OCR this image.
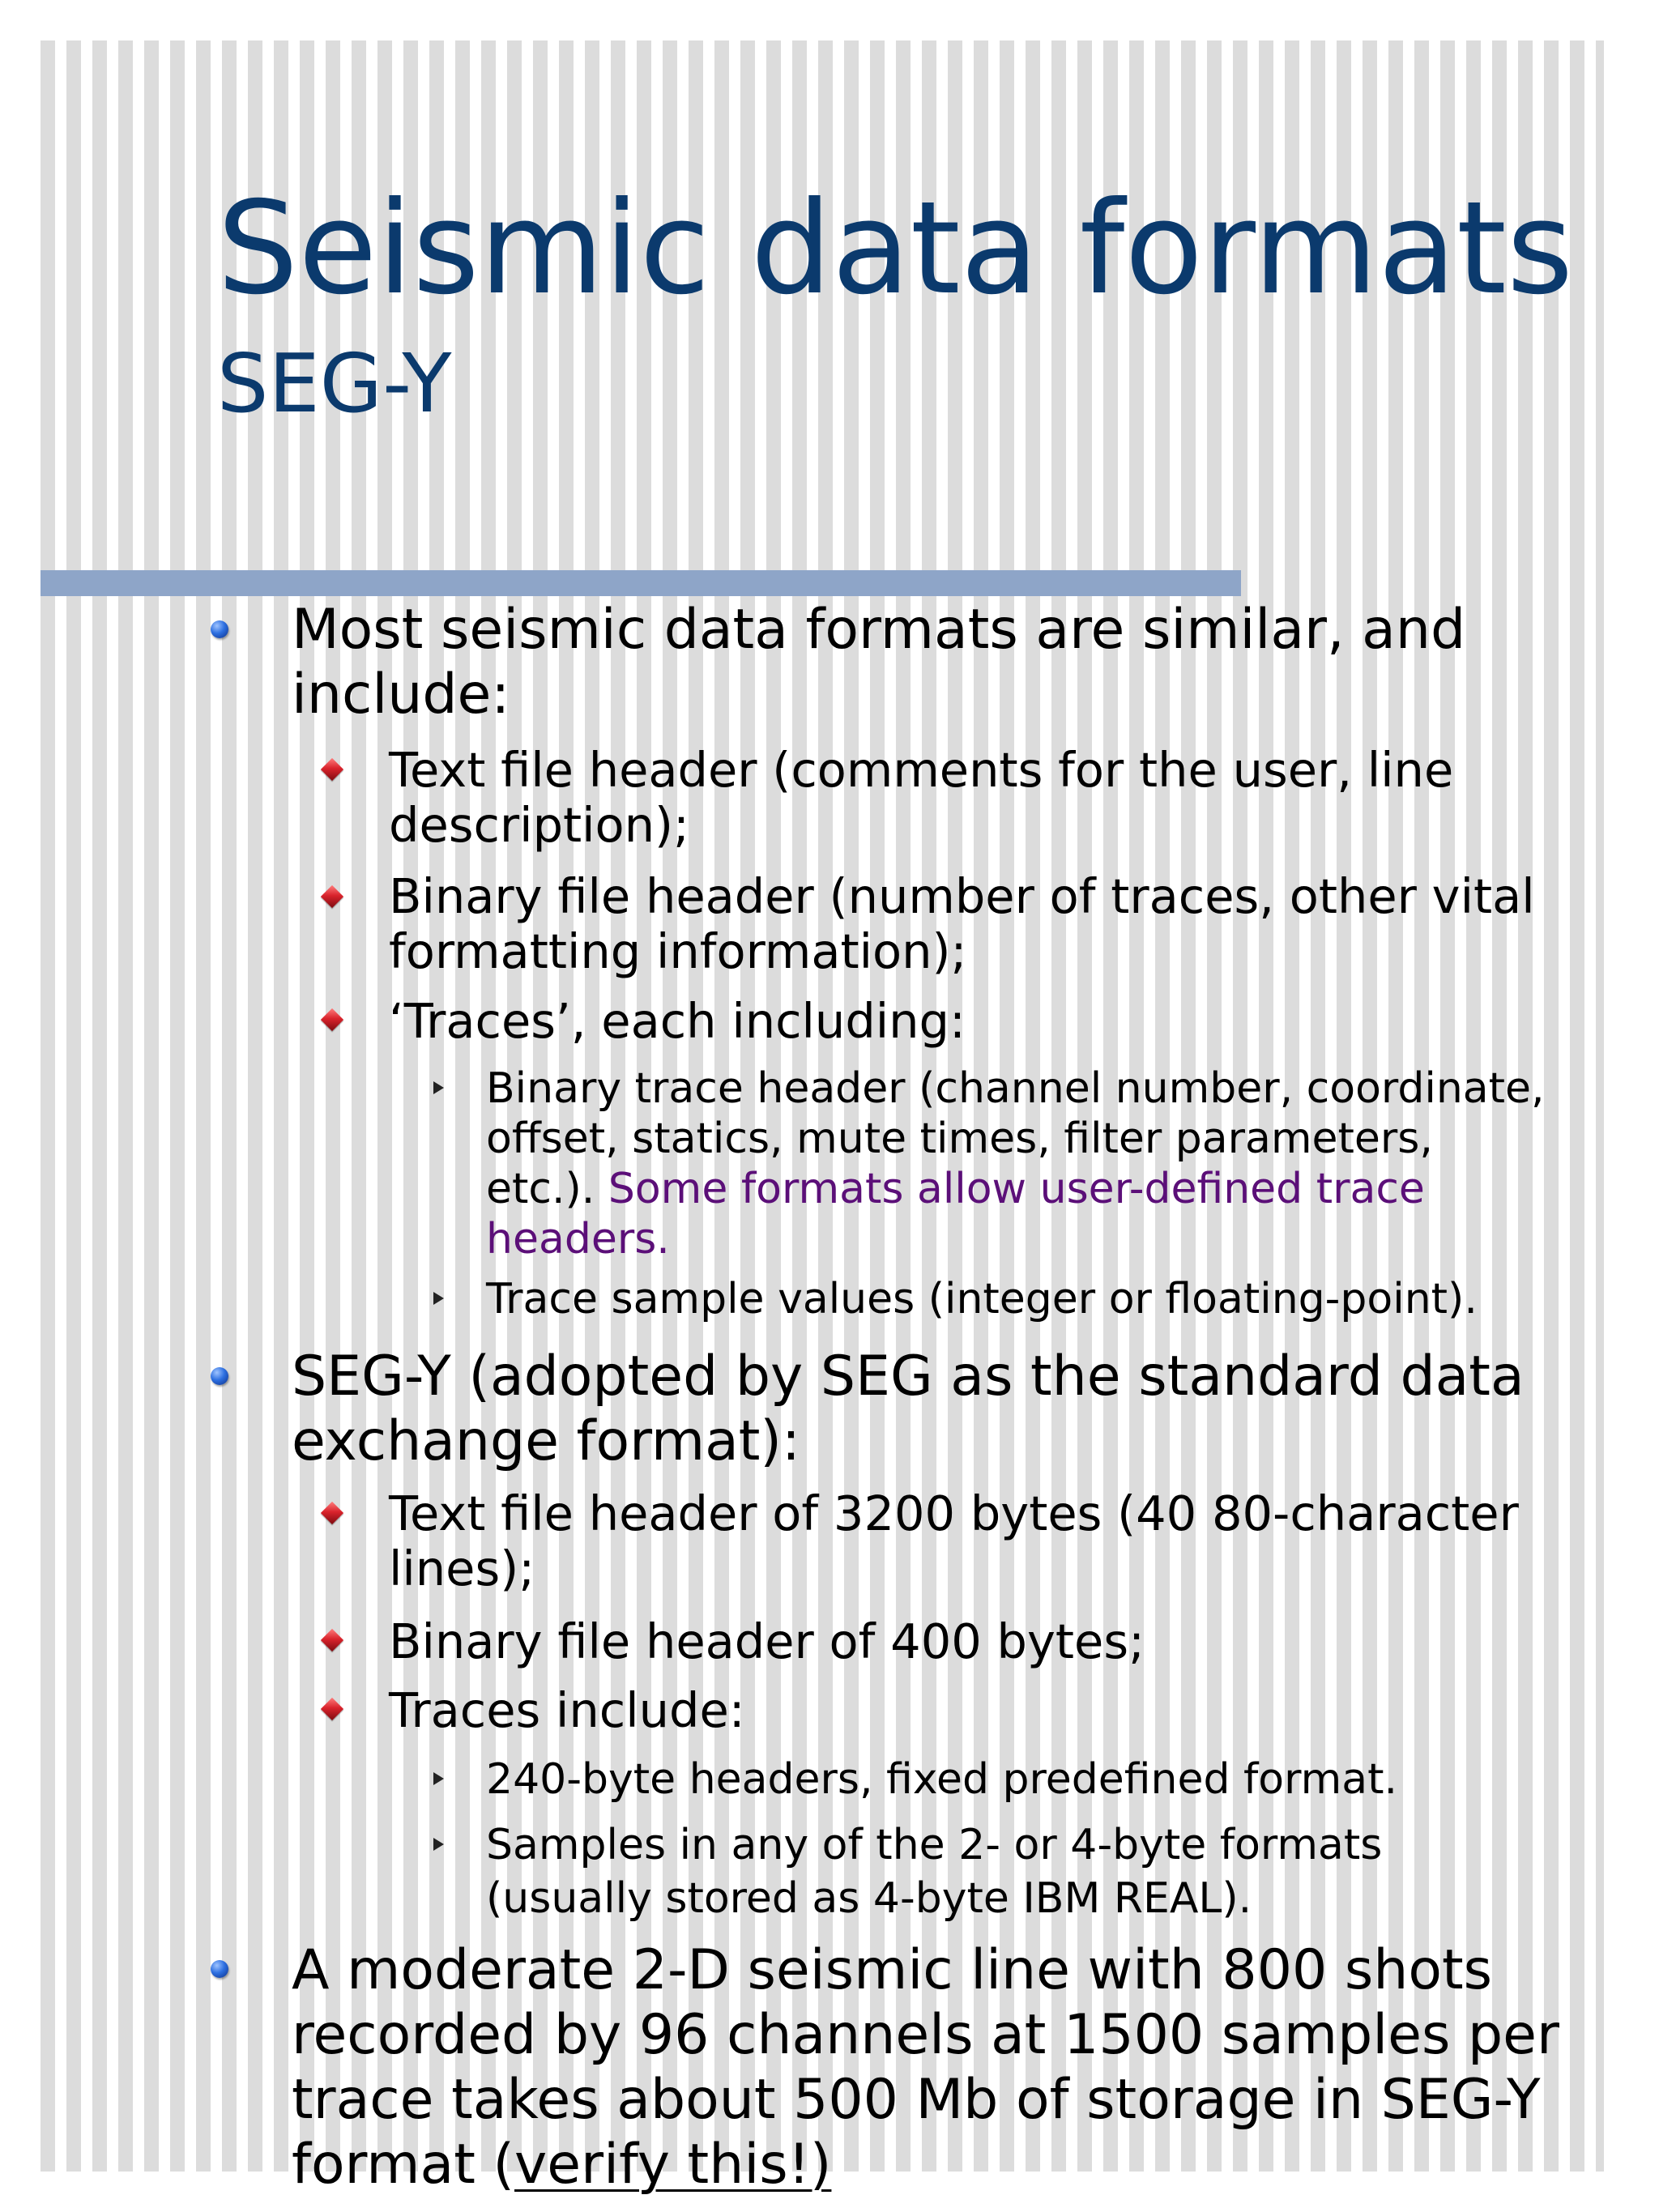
Seismic data formats
SEG-Y
Most seismic data formats are similar, and
include:
Text file header (comments for the user, line
description);
Binary file header (number of traces, other vital
formatting information);
‘Traces’, each including:
Binary trace header (channel number, coordinate,
offset, statics, mute times, filter parameters,
etc.). Some formats allow user-defined trace
headers.
Trace sample values (integer or floating-point).
SEG-Y (adopted by SEG as the standard data
exchange format):
Text file header of 3200 bytes (40 80-character
lines);
Binary file header of 400 bytes;
Traces include:
240-byte headers, fixed predefined format.
Samples in any of the 2- or 4-byte formats
(usually stored as 4-byte IBM REAL).
A moderate 2-D seismic line with 800 shots
recorded by 96 channels at 1500 samples per
trace takes about 500 Mb of storage in SEG-Y
format (verify this!)
